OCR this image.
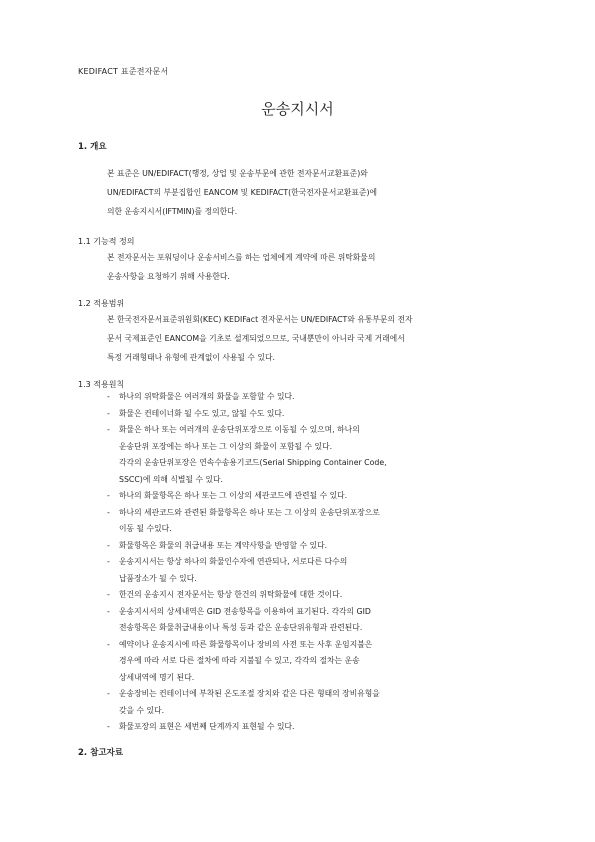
KEDIFACT 표준전자문서
운송지시서
1. 개요
본 표준은 UN/EDIFACT(행정, 상업 및 운송부문에 관한 전자문서교환표준)와
UN/EDIFACT의 부분집합인 EANCOM 및 KEDIFACT(한국전자문서교환표준)에
의한 운송지시서(IFTMIN)를 정의한다.
1.1 기능적 정의
본 전자문서는 포워딩이나 운송서비스를 하는 업체에게 계약에 따른 위탁화물의
운송사항을 요청하기 위해 사용한다.
1.2 적용범위
본 한국전자문서표준위원회(KEC) KEDIFact 전자문서는 UN/EDIFACT와 유통부문의 전자
문서 국제표준인 EANCOM을 기초로 설계되었으므로, 국내뿐만이 아니라 국제 거래에서
특정 거래형태나 유형에 관계없이 사용될 수 있다.
1.3 적용원칙
- 하나의 위탁화물은 여러개의 화물을 포함할 수 있다.
- 화물은 컨테이너화 될 수도 있고, 않될 수도 있다.
- 화물은 하나 또는 여러개의 운송단위포장으로 이동될 수 있으며, 하나의
운송단위 포장에는 하나 또는 그 이상의 화물이 포함될 수 있다.
각각의 운송단위포장은 연속수송용기코드(Serial Shipping Container Code,
SSCC)에 의해 식별될 수 있다.
- 하나의 화물항목은 하나 또는 그 이상의 세관코드에 관련될 수 있다.
- 하나의 세관코드와 관련된 화물항목은 하나 또는 그 이상의 운송단위포장으로
이동 될 수있다.
- 화물항목은 화물의 취급내용 또는 계약사항을 반영할 수 있다.
- 운송지시서는 항상 하나의 화물인수자에 연관되나, 서로다른 다수의
납품장소가 될 수 있다.
- 한건의 운송지시 전자문서는 항상 한건의 위탁화물에 대한 것이다.
- 운송지시서의 상세내역은 GID 전송항목을 이용하여 표기된다. 각각의 GID
전송항목은 화물취급내용이나 특성 등과 같은 운송단위유형과 관련된다.
- 예약이나 운송지시에 따른 화물항목이나 장비의 사전 또는 사후 운임지불은
경우에 따라 서로 다른 절차에 따라 지불될 수 있고, 각각의 절차는 운송
상세내역에 명기 된다.
- 운송장비는 컨테이너에 부착된 온도조절 장치와 같은 다른 형태의 장비유형을
갖을 수 있다.
- 화물포장의 표현은 세번째 단계까지 표현될 수 있다.
2. 참고자료
